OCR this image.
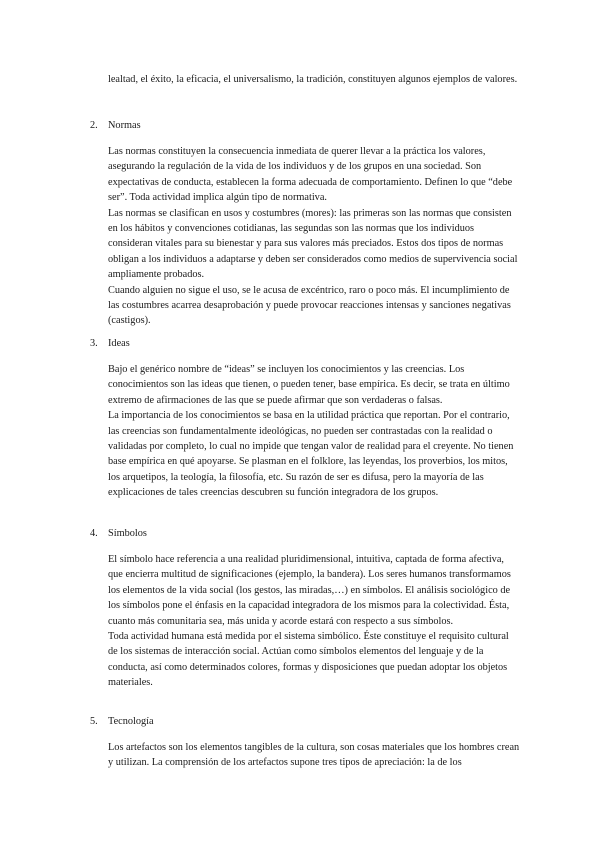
lealtad, el éxito, la eficacia, el universalismo, la tradición, constituyen algunos ejemplos de valores.

2. Normas

Las normas constituyen la consecuencia inmediata de querer llevar a la práctica los valores, asegurando la regulación de la vida de los individuos y de los grupos en una sociedad. Son expectativas de conducta, establecen la forma adecuada de comportamiento. Definen lo que “debe ser”. Toda actividad implica algún tipo de normativa.

Las normas se clasifican en usos y costumbres (mores): las primeras son las normas que consisten en los hábitos y convenciones cotidianas, las segundas son las normas que los individuos consideran vitales para su bienestar y para sus valores más preciados. Estos dos tipos de normas obligan a los individuos a adaptarse y deben ser considerados como medios de supervivencia social ampliamente probados.

Cuando alguien no sigue el uso, se le acusa de excéntrico, raro o poco más. El incumplimiento de las costumbres acarrea desaprobación y puede provocar reacciones intensas y sanciones negativas (castigos).

3. Ideas

Bajo el genérico nombre de “ideas” se incluyen los conocimientos y las creencias. Los conocimientos son las ideas que tienen, o pueden tener, base empírica. Es decir, se trata en último extremo de afirmaciones de las que se puede afirmar que son verdaderas o falsas.

La importancia de los conocimientos se basa en la utilidad práctica que reportan. Por el contrario, las creencias son fundamentalmente ideológicas, no pueden ser contrastadas con la realidad o validadas por completo, lo cual no impide que tengan valor de realidad para el creyente. No tienen base empírica en qué apoyarse. Se plasman en el folklore, las leyendas, los proverbios, los mitos, los arquetipos, la teología, la filosofía, etc. Su razón de ser es difusa, pero la mayoría de las explicaciones de tales creencias descubren su función integradora de los grupos.

4. Símbolos

El símbolo hace referencia a una realidad pluridimensional, intuitiva, captada de forma afectiva, que encierra multitud de significaciones (ejemplo, la bandera). Los seres humanos transformamos los elementos de la vida social (los gestos, las miradas,…) en símbolos. El análisis sociológico de los símbolos pone el énfasis en la capacidad integradora de los mismos para la colectividad. Ésta, cuanto más comunitaria sea, más unida y acorde estará con respecto a sus símbolos.

Toda actividad humana está medida por el sistema simbólico. Éste constituye el requisito cultural de los sistemas de interacción social. Actúan como símbolos elementos del lenguaje y de la conducta, así como determinados colores, formas y disposiciones que puedan adoptar los objetos materiales.

5. Tecnología

Los artefactos son los elementos tangibles de la cultura, son cosas materiales que los hombres crean y utilizan. La comprensión de los artefactos supone tres tipos de apreciación: la de los
